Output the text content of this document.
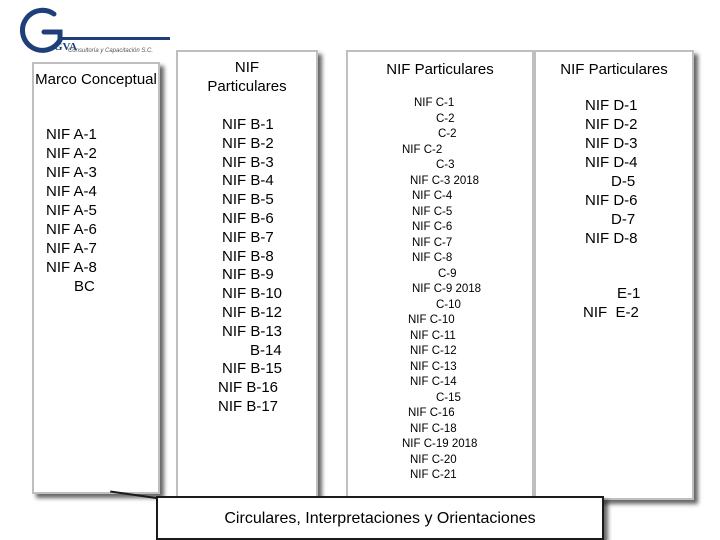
GVA
Consultoría y Capacitación S.C.
Marco Conceptual
NIF A-1
NIF A-2
NIF A-3
NIF A-4
NIF A-5
NIF A-6
NIF A-7
NIF A-8
BC
NIF
Particulares
NIF B-1
NIF B-2
NIF B-3
NIF B-4
NIF B-5
NIF B-6
NIF B-7
NIF B-8
NIF B-9
NIF B-10
NIF B-12
NIF B-13
B-14
NIF B-15
NIF B-16
NIF B-17
NIF Particulares
NIF C-1
C-2
C-2
NIF C-2
C-3
NIF C-3 2018
NIF C-4
NIF C-5
NIF C-6
NIF C-7
NIF C-8
C-9
NIF C-9 2018
C-10
NIF C-10
NIF C-11
NIF C-12
NIF C-13
NIF C-14
C-15
NIF C-16
NIF C-18
NIF C-19 2018
NIF C-20
NIF C-21
NIF Particulares
NIF D-1
NIF D-2
NIF D-3
NIF D-4
D-5
NIF D-6
D-7
NIF D-8
E-1
NIF  E-2
Circulares, Interpretaciones y Orientaciones
